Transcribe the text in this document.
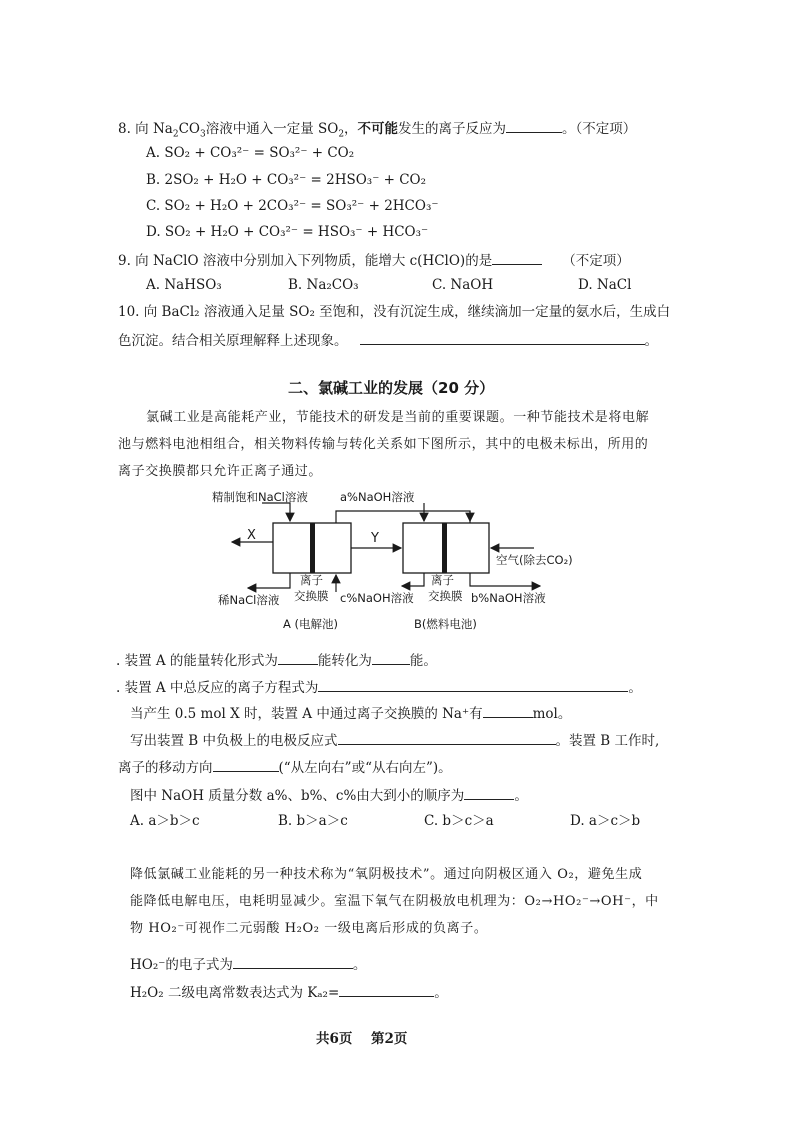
8. 向 $Na_2CO_3$溶液中通入一定量 $SO_2$，不可能发生的离子反应为	。（不定项）
A. SO₂ + CO₃²⁻ = SO₃²⁻ + CO₂
B. 2SO₂ + H₂O + CO₃²⁻ = 2HSO₃⁻ + CO₂
C. SO₂ + H₂O + 2CO₃²⁻ = SO₃²⁻ + 2HCO₃⁻
D. SO₂ + H₂O + CO₃²⁻ = HSO₃⁻ + HCO₃⁻
9. 向 NaClO 溶液中分别加入下列物质，能增大 c(HClO)的是	（不定项）
A. NaHSO₃	B. Na₂CO₃	C. NaOH	D. NaCl
10. 向 BaCl₂ 溶液通入足量 SO₂ 至饱和，没有沉淀生成，继续滴加一定量的氨水后，生成白
色沉淀。结合相关原理解释上述现象。	。
二、氯碱工业的发展（20 分）
氯碱工业是高能耗产业，节能技术的研发是当前的重要课题。一种节能技术是将电解
池与燃料电池相组合，相关物料传输与转化关系如下图所示，其中的电极未标出，所用的
离子交换膜都只允许正离子通过。
精制饱和NaCl溶液	a%NaOH溶液
X	Y
空气(除去CO₂)
离子
交换膜
离子
交换膜
稀NaCl溶液	c%NaOH溶液	b%NaOH溶液
A (电解池)	B(燃料电池)
. 装置 A 的能量转化形式为	能转化为	能。
. 装置 A 中总反应的离子方程式为	。
当产生 0.5 mol X 时，装置 A 中通过离子交换膜的 Na⁺有	mol。
写出装置 B 中负极上的电极反应式	。装置 B 工作时,
离子的移动方向	(“从左向右”或“从右向左”)。
图中 NaOH 质量分数 a%、b%、c%由大到小的顺序为	。
A. a＞b＞c	B. b＞a＞c	C. b＞c＞a	D. a＞c＞b
降低氯碱工业能耗的另一种技术称为“氧阴极技术”。通过向阴极区通入 O₂，避免生成
能降低电解电压，电耗明显减少。室温下氧气在阴极放电机理为：O₂→HO₂⁻→OH⁻，中
物 HO₂⁻可视作二元弱酸 H₂O₂ 一级电离后形成的负离子。
HO₂⁻的电子式为	。
H₂O₂ 二级电离常数表达式为 Kₐ₂=	。
共6页 第2页
